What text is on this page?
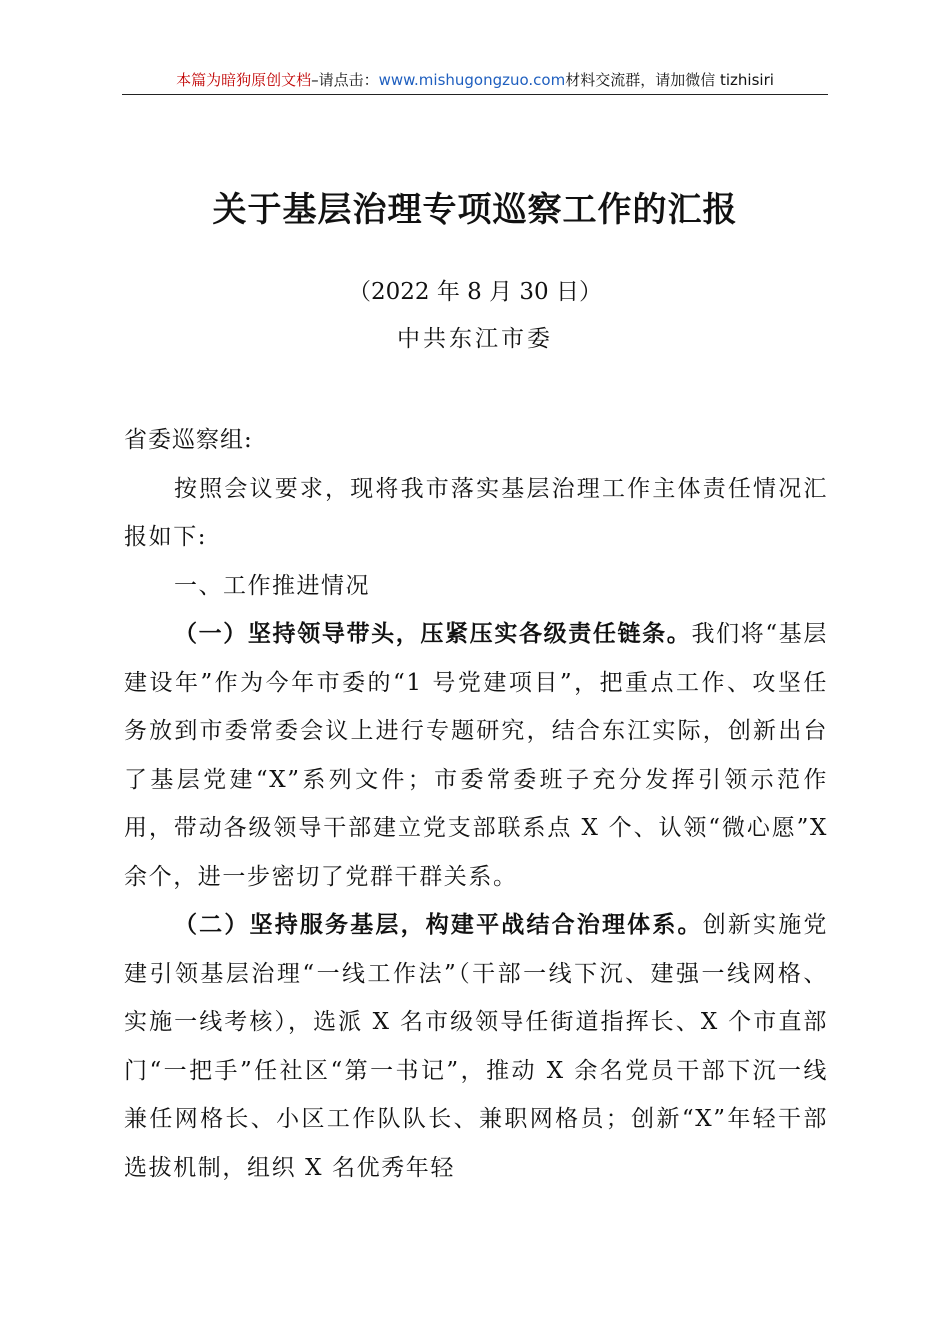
本篇为暗狗原创文档–请点击：www.mishugongzuo.com材料交流群，请加微信 tizhisiri
关于基层治理专项巡察工作的汇报
（2022 年 8 月 30 日）
中共东江市委

省委巡察组:

按照会议要求，现将我市落实基层治理工作主体责任情况汇报如下:

一、工作推进情况

（一）坚持领导带头，压紧压实各级责任链条。我们将“基层建设年”作为今年市委的“1 号党建项目”，把重点工作、攻坚任务放到市委常委会议上进行专题研究，结合东江实际，创新出台了基层党建“X”系列文件；市委常委班子充分发挥引领示范作用，带动各级领导干部建立党支部联系点 X 个、认领“微心愿”X 余个，进一步密切了党群干群关系。

（二）坚持服务基层，构建平战结合治理体系。创新实施党建引领基层治理“一线工作法”（干部一线下沉、建强一线网格、实施一线考核），选派 X 名市级领导任街道指挥长、X 个市直部门“一把手”任社区“第一书记”，推动 X 余名党员干部下沉一线兼任网格长、小区工作队队长、兼职网格员；创新“X”年轻干部选拔机制，组织 X 名优秀年轻
